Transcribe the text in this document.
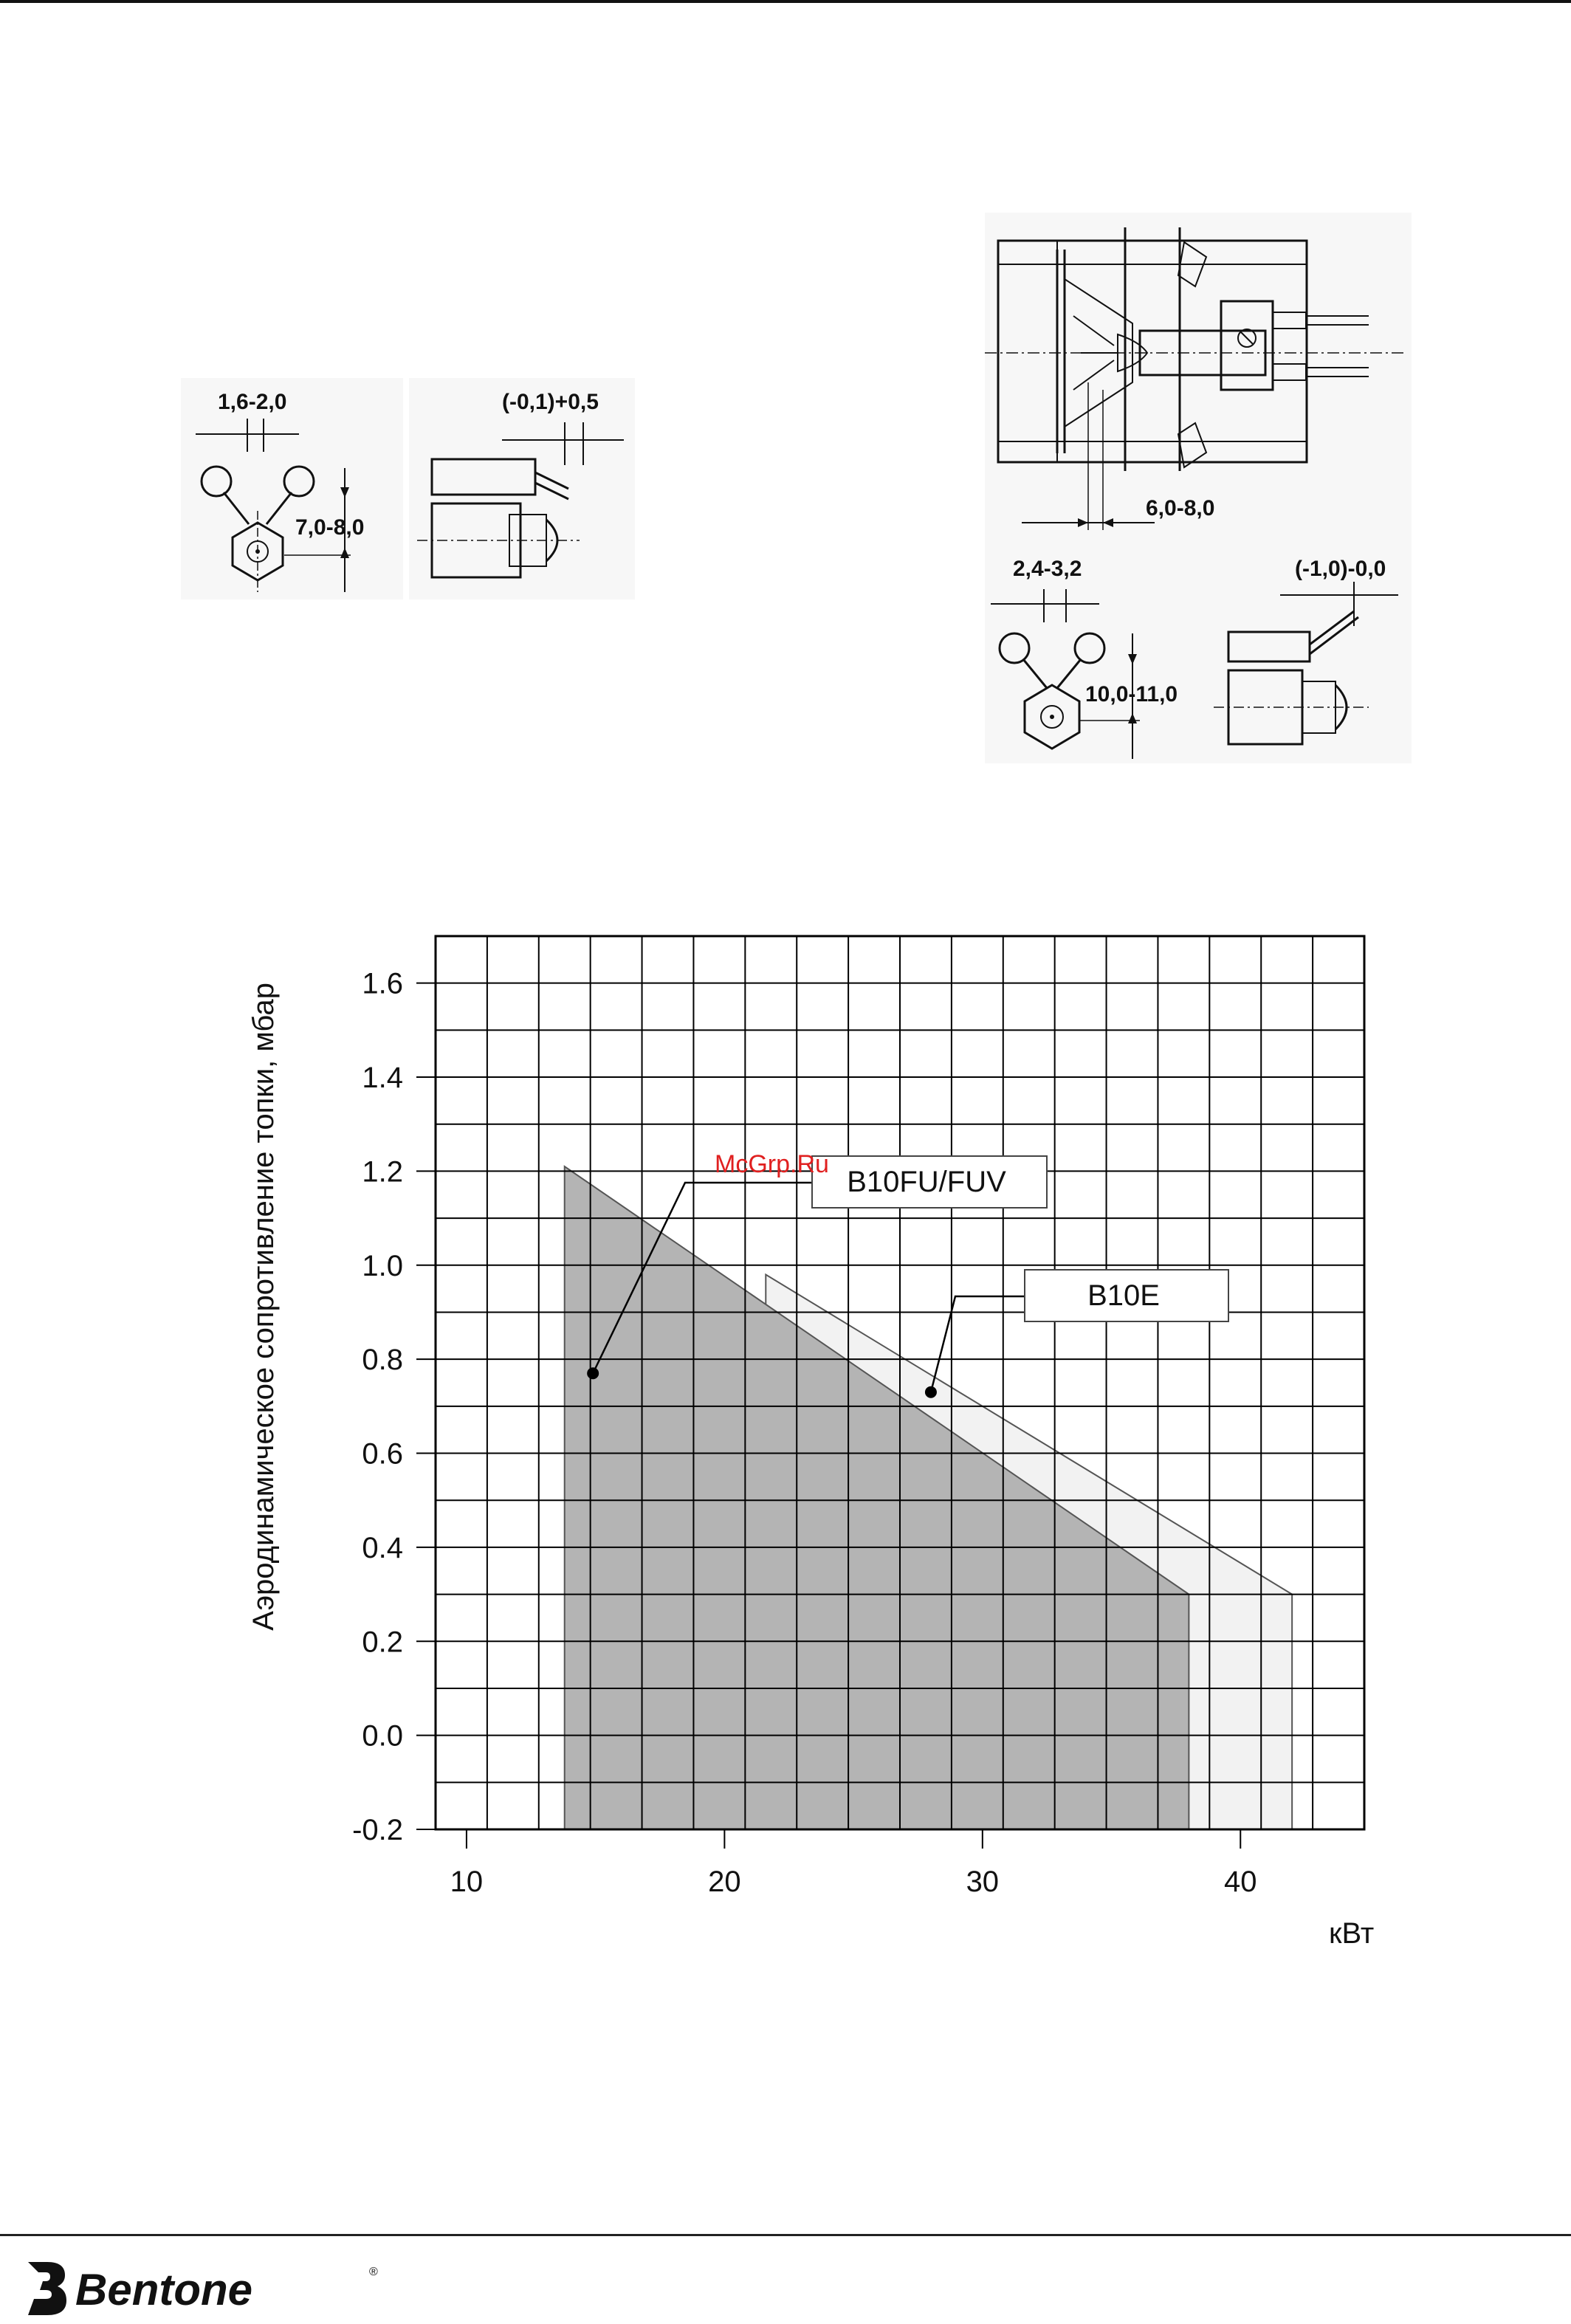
1,6-2,0
7,0-8,0
(-0,1)+0,5
6,0-8,0
2,4-3,2
10,0-11,0
(-1,0)-0,0
-0.2
0.0
0.2
0.4
0.6
0.8
1.0
1.2
1.4
1.6
10	20	30	40
B10FU/FUV
B10E
McGrp.Ru
Аэродинамическое сопротивление топки, мбар
кВт
Bentone	®
